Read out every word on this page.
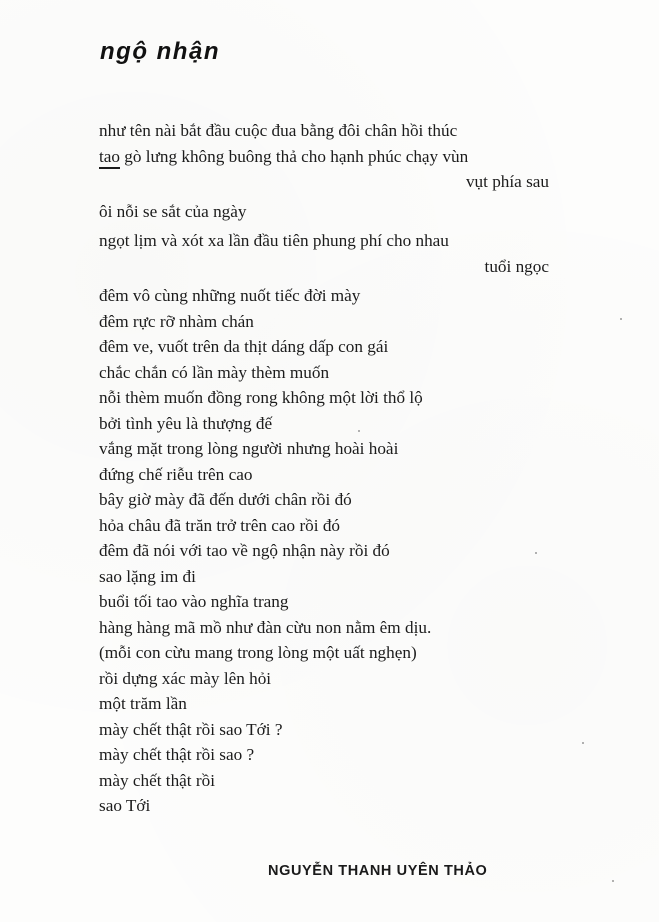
ngộ nhận
như tên nài bắt đầu cuộc đua bằng đôi chân hồi thúc
tao gò lưng không buông thả cho hạnh phúc chạy vùn
vụt phía sau
ôi nỗi se sắt của ngày
ngọt lịm và xót xa lần đầu tiên phung phí cho nhau
tuổi ngọc
đêm vô cùng những nuốt tiếc đời mày
đêm rực rỡ nhàm chán
đêm ve, vuốt trên da thịt dáng dấp con gái
chắc chắn có lần mày thèm muốn
nỗi thèm muốn đồng rong không một lời thổ lộ
bởi tình yêu là thượng đế
vắng mặt trong lòng người nhưng hoài hoài
đứng chế riễu trên cao
bây giờ mày đã đến dưới chân rồi đó
hỏa châu đã trăn trở trên cao rồi đó
đêm đã nói với tao về ngộ nhận này rồi đó
sao lặng im đi
buổi tối tao vào nghĩa trang
hàng hàng mã mồ như đàn cừu non nằm êm dịu.
(mỗi con cừu mang trong lòng một uất nghẹn)
rồi dựng xác mày lên hỏi
một trăm lần
mày chết thật rồi sao Tới ?
mày chết thật rồi sao ?
mày chết thật rồi
sao Tới
NGUYỄN THANH UYÊN THẢO
